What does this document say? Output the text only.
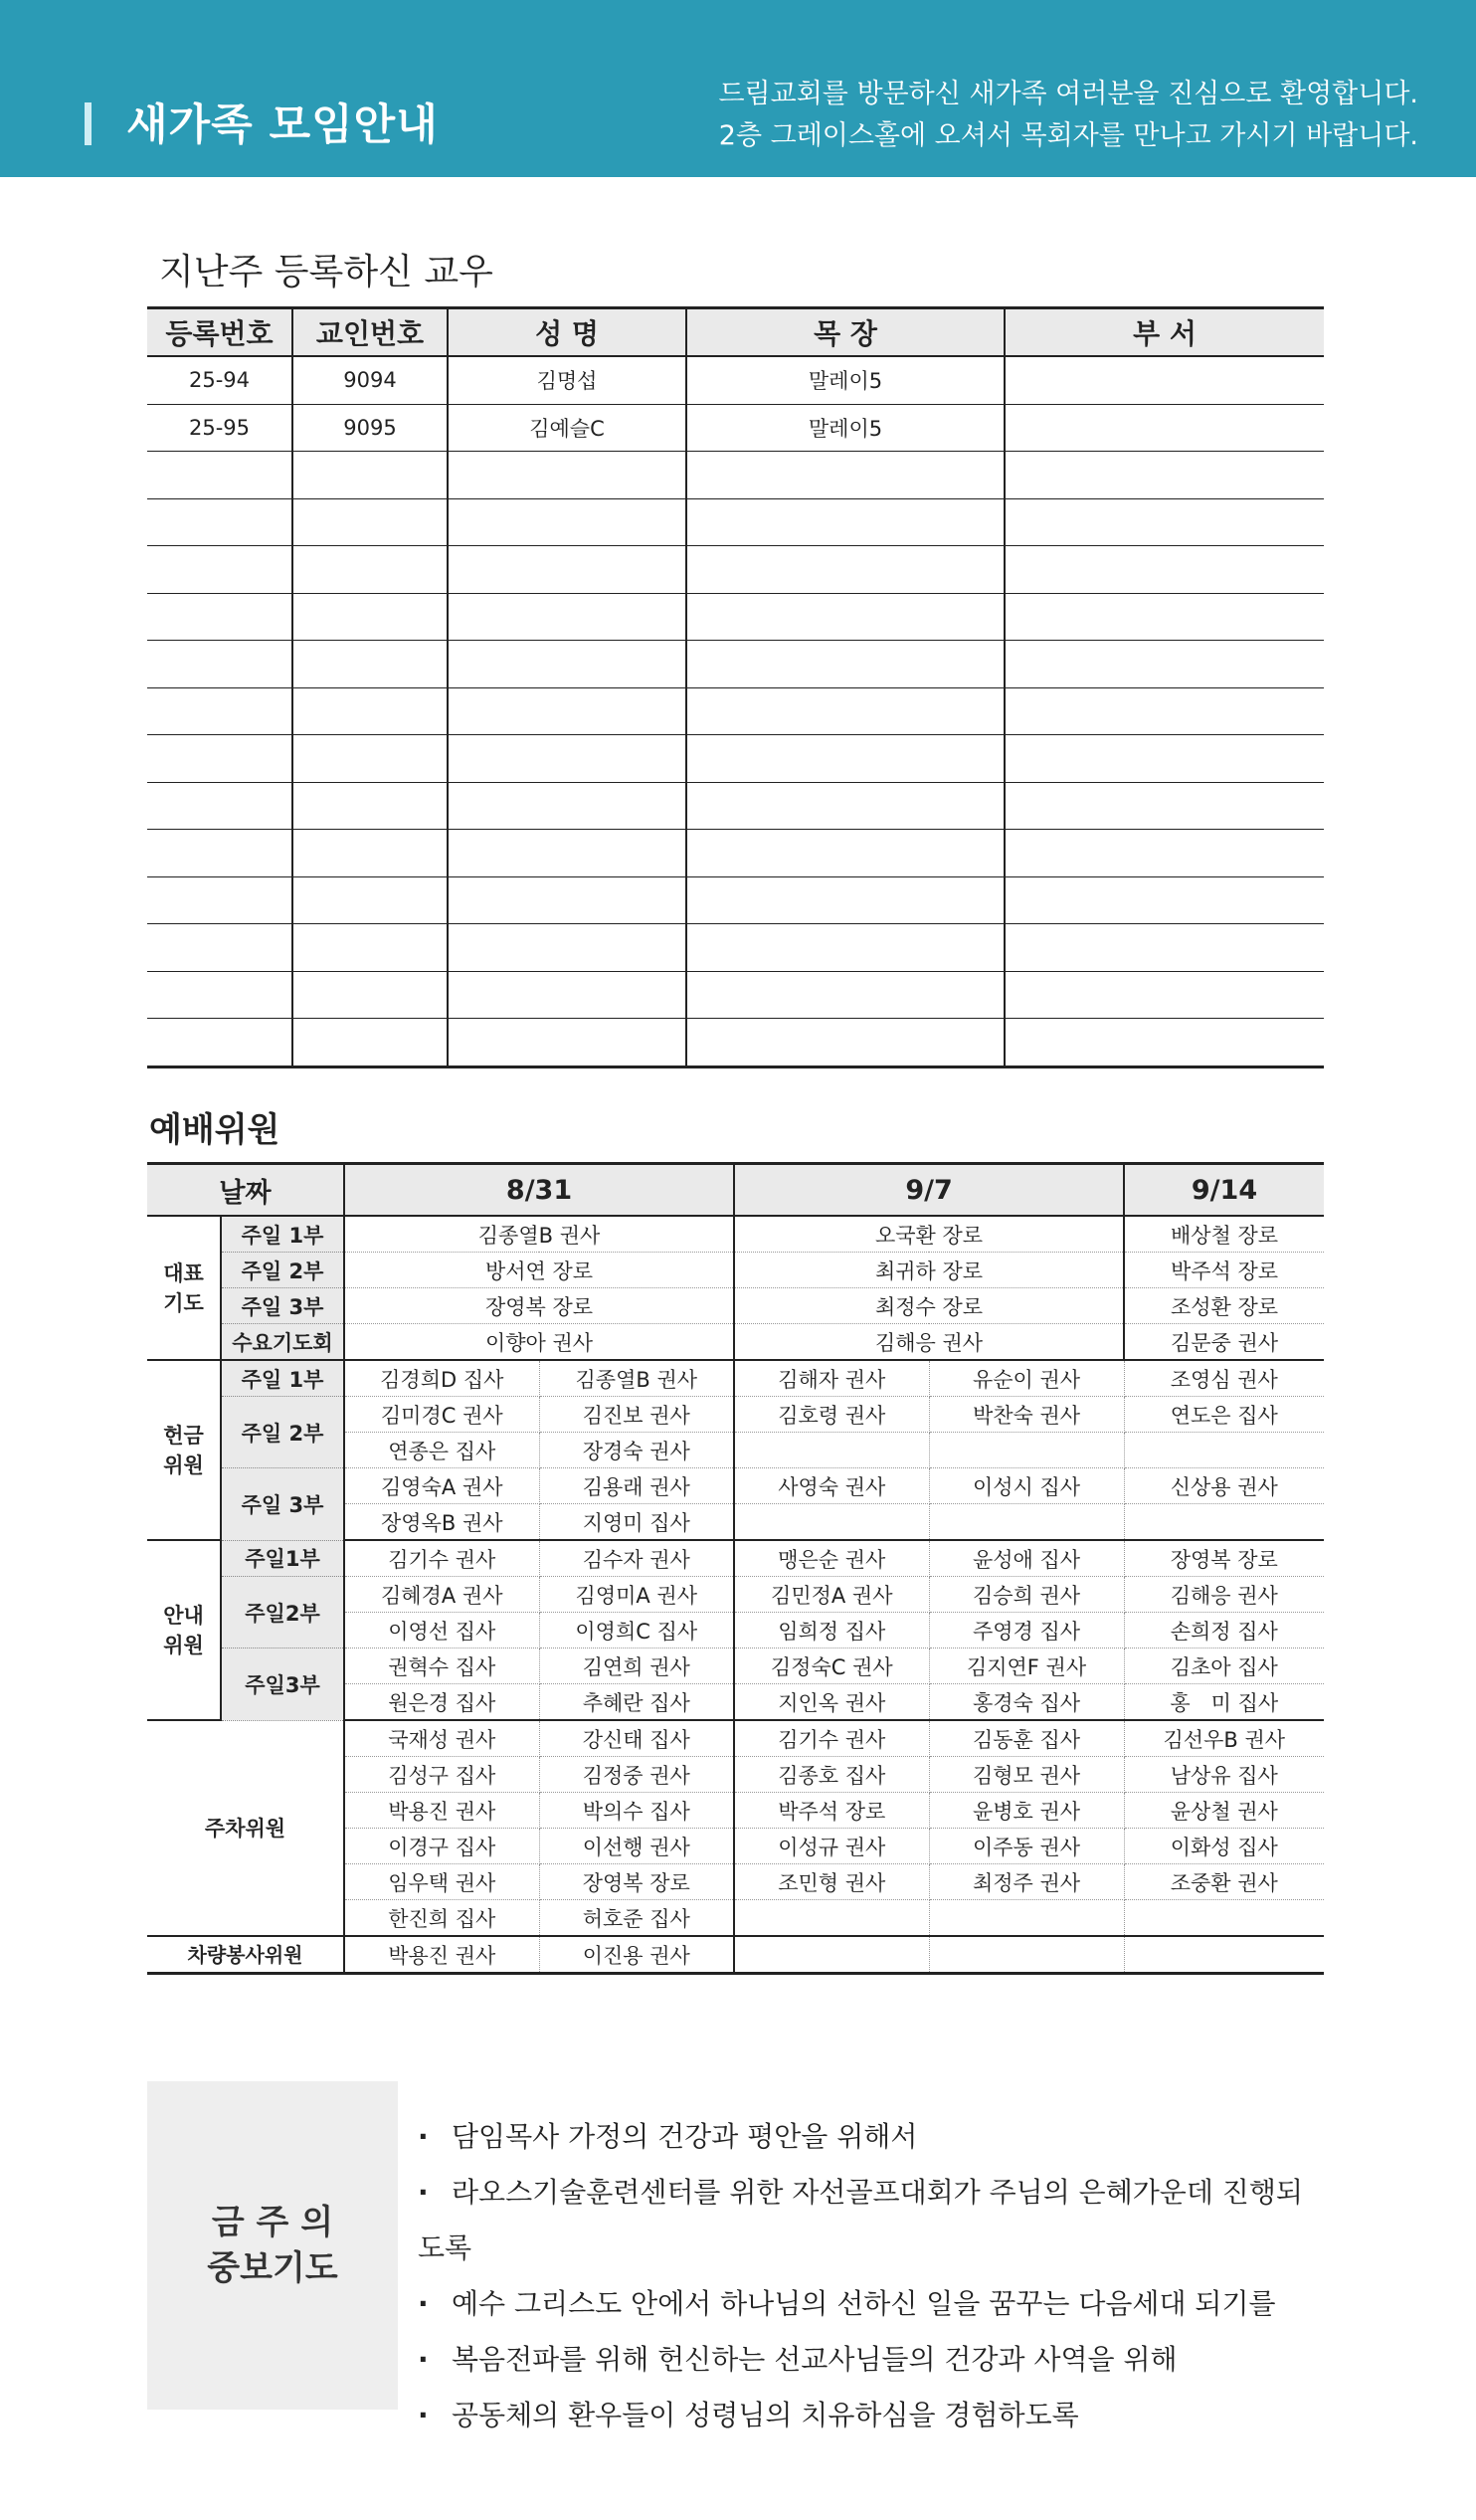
새가족 모임안내
드림교회를 방문하신 새가족 여러분을 진심으로 환영합니다.
2층 그레이스홀에 오셔서 목회자를 만나고 가시기 바랍니다.
지난주 등록하신 교우
등록번호	교인번호	성 명	목 장	부 서
25-94	9094	김명섭	말레이5	
25-95	9095	김예슬C	말레이5	

예배위원
날짜		8/31		9/7		9/14
대표
기도	주일 1부	김종열B 권사		오국환 장로		배상철 장로
	주일 2부	방서연 장로		최귀하 장로		박주석 장로
	주일 3부	장영복 장로		최정수 장로		조성환 장로
	수요기도회	이향아 권사		김해응 권사		김문중 권사
헌금
위원	주일 1부	김경희D 집사	김종열B 권사	김해자 권사	유순이 권사	조영심 권사
	주일 2부	김미경C 권사	김진보 권사	김호령 권사	박찬숙 권사	연도은 집사
		연종은 집사	장경숙 권사			
	주일 3부	김영숙A 권사	김용래 권사	사영숙 권사	이성시 집사	신상용 권사
		장영옥B 권사	지영미 집사			
안내
위원	주일1부	김기수 권사	김수자 권사	맹은순 권사	윤성애 집사	장영복 장로
	주일2부	김혜경A 권사	김영미A 권사	김민정A 권사	김승희 권사	김해응 권사
		이영선 집사	이영희C 집사	임희정 집사	주영경 집사	손희정 집사
	주일3부	권혁수 집사	김연희 권사	김정숙C 권사	김지연F 권사	김초아 집사
		원은경 집사	추혜란 집사	지인옥 권사	홍경숙 집사	홍　미 집사
주차위원		국재성 권사	강신태 집사	김기수 권사	김동훈 집사	김선우B 권사
		김성구 집사	김정중 권사	김종호 집사	김형모 권사	남상유 집사
		박용진 권사	박의수 집사	박주석 장로	윤병호 권사	윤상철 권사
		이경구 집사	이선행 권사	이성규 권사	이주동 권사	이화성 집사
		임우택 권사	장영복 장로	조민형 권사	최정주 권사	조중환 권사
		한진희 집사	허호준 집사			
차량봉사위원		박용진 권사	이진용 권사			
금 주 의
중보기도
· 담임목사 가정의 건강과 평안을 위해서
· 라오스기술훈련센터를 위한 자선골프대회가 주님의 은혜가운데 진행되도록
· 예수 그리스도 안에서 하나님의 선하신 일을 꿈꾸는 다음세대 되기를
· 복음전파를 위해 헌신하는 선교사님들의 건강과 사역을 위해
· 공동체의 환우들이 성령님의 치유하심을 경험하도록
